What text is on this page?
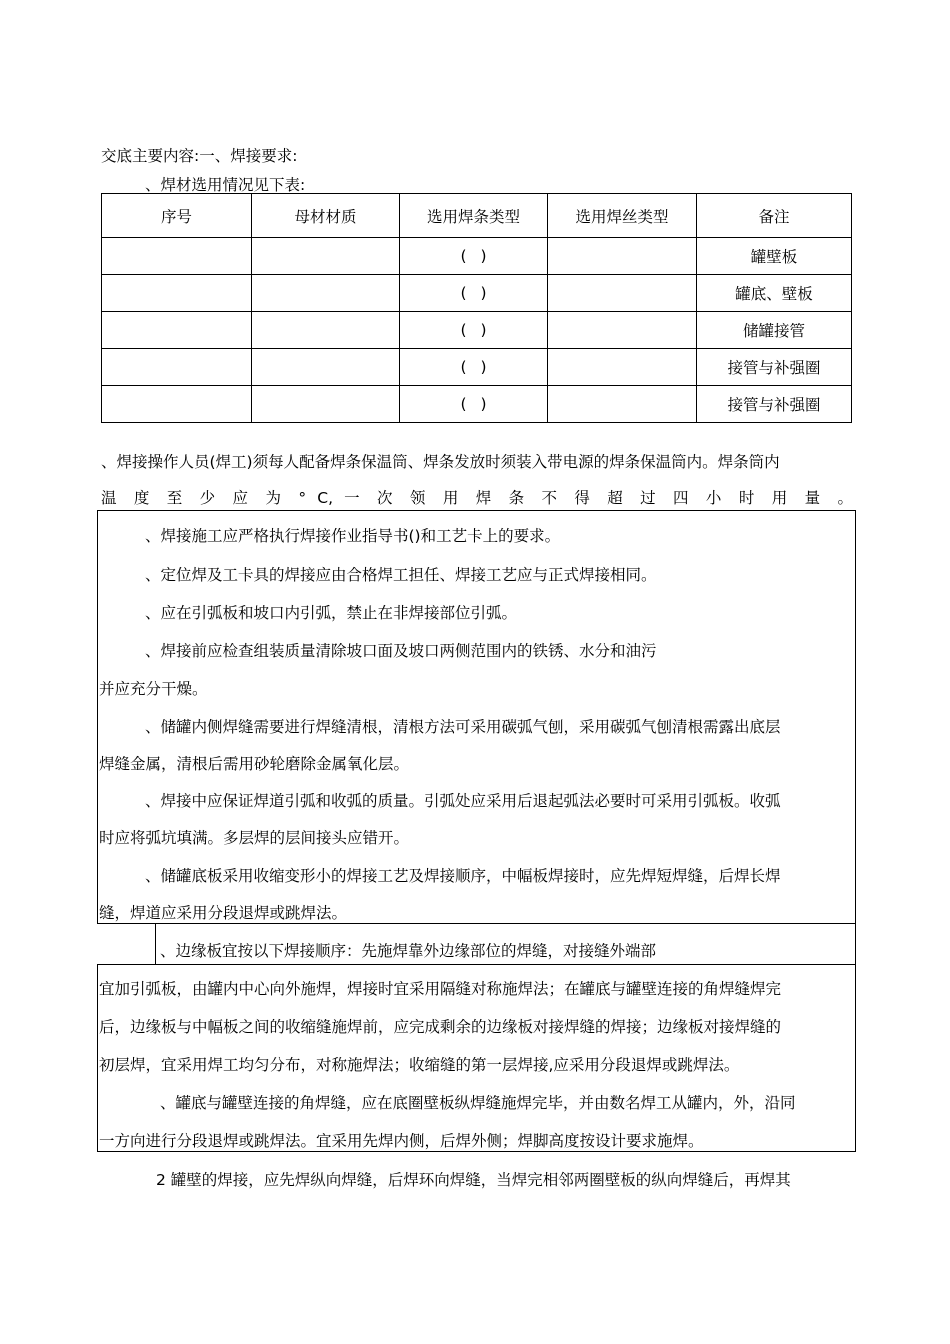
交底主要内容:一、焊接要求:
、焊材选用情况见下表:
序号	母材材质	选用焊条类型	选用焊丝类型	备注
		( )		罐壁板
		( )		罐底、壁板
		( )		储罐接管
		( )		接管与补强圈
		( )		接管与补强圈
、焊接操作人员(焊工)须每人配备焊条保温筒、焊条发放时须装入带电源的焊条保温筒内。焊条筒内
温 度 至 少 应 为 ° C, 一 次 领 用 焊 条 不 得 超 过 四 小 时 用 量 。
、焊接施工应严格执行焊接作业指导书()和工艺卡上的要求。
、定位焊及工卡具的焊接应由合格焊工担任、焊接工艺应与正式焊接相同。
、应在引弧板和坡口内引弧，禁止在非焊接部位引弧。
、焊接前应检查组装质量清除坡口面及坡口两侧范围内的铁锈、水分和油污
并应充分干燥。
、储罐内侧焊缝需要进行焊缝清根，清根方法可采用碳弧气刨，采用碳弧气刨清根需露出底层
焊缝金属，清根后需用砂轮磨除金属氧化层。
、焊接中应保证焊道引弧和收弧的质量。引弧处应采用后退起弧法必要时可采用引弧板。收弧
时应将弧坑填满。多层焊的层间接头应错开。
、储罐底板采用收缩变形小的焊接工艺及焊接顺序，中幅板焊接时，应先焊短焊缝，后焊长焊
缝，焊道应采用分段退焊或跳焊法。
、边缘板宜按以下焊接顺序：先施焊靠外边缘部位的焊缝，对接缝外端部
宜加引弧板，由罐内中心向外施焊，焊接时宜采用隔缝对称施焊法；在罐底与罐壁连接的角焊缝焊完
后，边缘板与中幅板之间的收缩缝施焊前，应完成剩余的边缘板对接焊缝的焊接；边缘板对接焊缝的
初层焊，宜采用焊工均匀分布，对称施焊法；收缩缝的第一层焊接,应采用分段退焊或跳焊法。
、罐底与罐壁连接的角焊缝，应在底圈壁板纵焊缝施焊完毕，并由数名焊工从罐内，外，沿同
一方向进行分段退焊或跳焊法。宜采用先焊内侧，后焊外侧；焊脚高度按设计要求施焊。
2 罐壁的焊接，应先焊纵向焊缝，后焊环向焊缝，当焊完相邻两圈壁板的纵向焊缝后，再焊其
